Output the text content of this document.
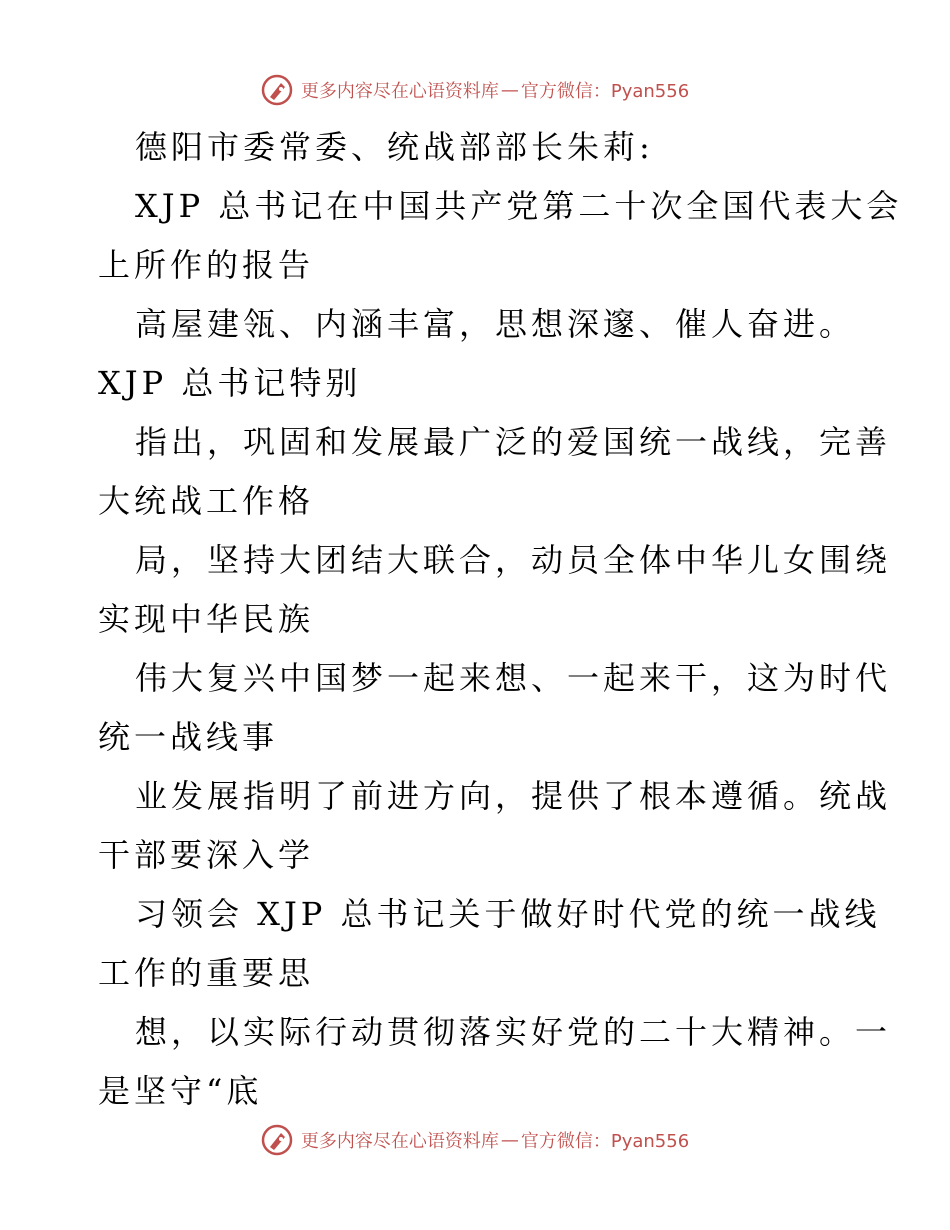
更多内容尽在心语资料库 — 官方微信：Pyan556
德阳市委常委、统战部部长朱莉:
XJP 总书记在中国共产党第二十次全国代表大会
上所作的报告
高屋建瓴、内涵丰富，思想深邃、催人奋进。
XJP 总书记特别
指出，巩固和发展最广泛的爱国统一战线，完善
大统战工作格
局，坚持大团结大联合，动员全体中华儿女围绕
实现中华民族
伟大复兴中国梦一起来想、一起来干，这为时代
统一战线事
业发展指明了前进方向，提供了根本遵循。统战
干部要深入学
习领会 XJP 总书记关于做好时代党的统一战线
工作的重要思
想，以实际行动贯彻落实好党的二十大精神。一
是坚守“底
更多内容尽在心语资料库 — 官方微信：Pyan556
